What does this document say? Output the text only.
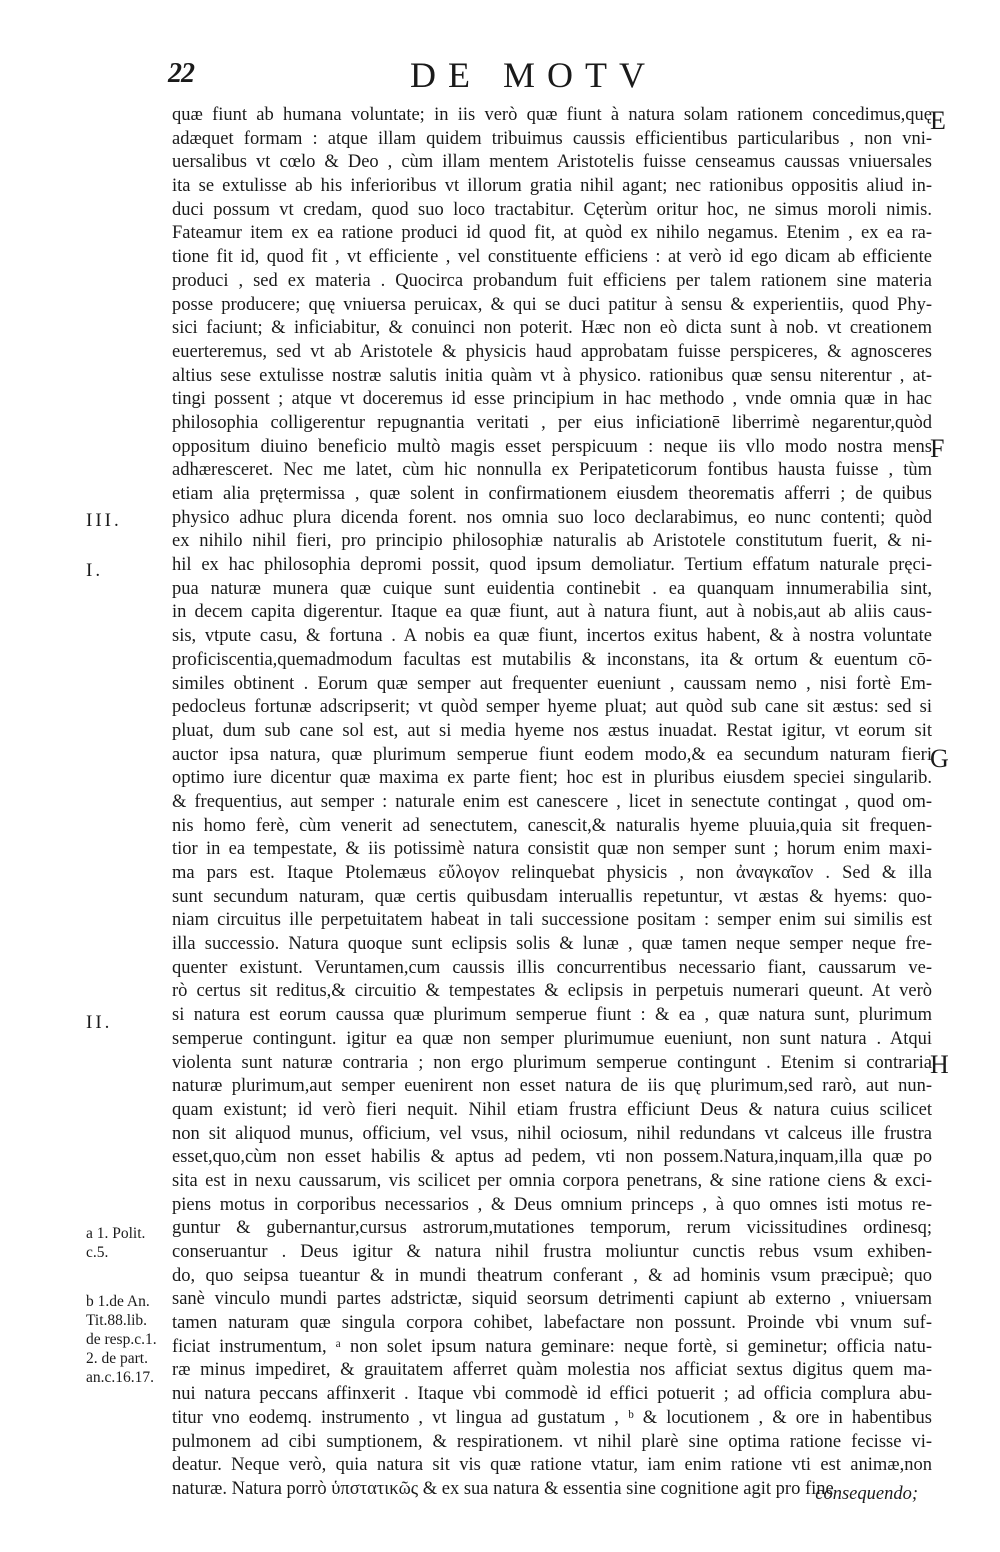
22	DE MOTV
E
F
G
H
III.
I.
II.
a 1. Polit.
c.5.
b 1.de An.
Tit.88.lib.
de resp.c.1.
2. de part.
an.c.16.17.
quæ fiunt ab humana voluntate; in iis verò quæ fiunt à natura solam rationem concedimus,quę
adæquet formam : atque illam quidem tribuimus caussis efficientibus particularibus , non vni-
uersalibus vt cœlo & Deo , cùm illam mentem Aristotelis fuisse censeamus caussas vniuersales
ita se extulisse ab his inferioribus vt illorum gratia nihil agant; nec rationibus oppositis aliud in-
duci possum vt credam, quod suo loco tractabitur. Cęterùm oritur hoc, ne simus moroli nimis.
Fateamur item ex ea ratione produci id quod fit, at quòd ex nihilo negamus. Etenim , ex ea ra-
tione fit id, quod fit , vt efficiente , vel constituente efficiens : at verò id ego dicam ab efficiente
produci , sed ex materia . Quocirca probandum fuit efficiens per talem rationem sine materia
posse producere; quę vniuersa peruicax, & qui se duci patitur à sensu & experientiis, quod Phy-
sici faciunt; & inficiabitur, & conuinci non poterit. Hæc non eò dicta sunt à nob. vt creationem
euerteremus, sed vt ab Aristotele & physicis haud approbatam fuisse perspiceres, & agnosceres
altius sese extulisse nostræ salutis initia quàm vt à physico. rationibus quæ sensu niterentur , at-
tingi possent ; atque vt doceremus id esse principium in hac methodo , vnde omnia quæ in hac
philosophia colligerentur repugnantia veritati , per eius inficiationē liberrimè negarentur,quòd
oppositum diuino beneficio multò magis esset perspicuum : neque iis vllo modo nostra mens
adhæresceret. Nec me latet, cùm hic nonnulla ex Peripateticorum fontibus hausta fuisse , tùm
etiam alia prętermissa , quæ solent in confirmationem eiusdem theorematis afferri ; de quibus
physico adhuc plura dicenda forent. nos omnia suo loco declarabimus, eo nunc contenti; quòd
ex nihilo nihil fieri, pro principio philosophiæ naturalis ab Aristotele constitutum fuerit, & ni-
hil ex hac philosophia depromi possit, quod ipsum demoliatur. Tertium effatum naturale pręci-
pua naturæ munera quæ cuique sunt euidentia continebit . ea quanquam innumerabilia sint,
in decem capita digerentur. Itaque ea quæ fiunt, aut à natura fiunt, aut à nobis,aut ab aliis caus-
sis, vtpute casu, & fortuna . A nobis ea quæ fiunt, incertos exitus habent, & à nostra voluntate
proficiscentia,quemadmodum facultas est mutabilis & inconstans, ita & ortum & euentum cō-
similes obtinent . Eorum quæ semper aut frequenter eueniunt , caussam nemo , nisi fortè Em-
pedocleus fortunæ adscripserit; vt quòd semper hyeme pluat; aut quòd sub cane sit æstus: sed si
pluat, dum sub cane sol est, aut si media hyeme nos æstus inuadat. Restat igitur, vt eorum sit
auctor ipsa natura, quæ plurimum semperue fiunt eodem modo,& ea secundum naturam fieri
optimo iure dicentur quæ maxima ex parte fient; hoc est in pluribus eiusdem speciei singularib.
& frequentius, aut semper : naturale enim est canescere , licet in senectute contingat , quod om-
nis homo ferè, cùm venerit ad senectutem, canescit,& naturalis hyeme pluuia,quia sit frequen-
tior in ea tempestate, & iis potissimè natura consistit quæ non semper sunt ; horum enim maxi-
ma pars est. Itaque Ptolemæus εὔλογον relinquebat physicis , non ἀναγκαῖον . Sed & illa
sunt secundum naturam, quæ certis quibusdam interuallis repetuntur, vt æstas & hyems: quo-
niam circuitus ille perpetuitatem habeat in tali successione positam : semper enim sui similis est
illa successio. Natura quoque sunt eclipsis solis & lunæ , quæ tamen neque semper neque fre-
quenter existunt. Veruntamen,cum caussis illis concurrentibus necessario fiant, caussarum ve-
rò certus sit reditus,& circuitio & tempestates & eclipsis in perpetuis numerari queunt. At verò
si natura est eorum caussa quæ plurimum semperue fiunt : & ea , quæ natura sunt, plurimum
semperue contingunt. igitur ea quæ non semper plurimumue eueniunt, non sunt natura . Atqui
violenta sunt naturæ contraria ; non ergo plurimum semperue contingunt . Etenim si contraria
naturæ plurimum,aut semper euenirent non esset natura de iis quę plurimum,sed rarò, aut nun-
quam existunt; id verò fieri nequit. Nihil etiam frustra efficiunt Deus & natura cuius scilicet
non sit aliquod munus, officium, vel vsus, nihil ociosum, nihil redundans vt calceus ille frustra
esset,quo,cùm non esset habilis & aptus ad pedem, vti non possem.Natura,inquam,illa quæ po
sita est in nexu caussarum, vis scilicet per omnia corpora penetrans, & sine ratione ciens & exci-
piens motus in corporibus necessarios , & Deus omnium princeps , à quo omnes isti motus re-
guntur & gubernantur,cursus astrorum,mutationes temporum, rerum vicissitudines ordinesq;
conseruantur . Deus igitur & natura nihil frustra moliuntur cunctis rebus vsum exhiben-
do, quo seipsa tueantur & in mundi theatrum conferant , & ad hominis vsum præcipuè; quo
sanè vinculo mundi partes adstrictæ, siquid seorsum detrimenti capiunt ab externo , vniuersam
tamen naturam quæ singula corpora cohibet, labefactare non possunt. Proinde vbi vnum suf-
ficiat instrumentum, ᵃ non solet ipsum natura geminare: neque fortè, si geminetur; officia natu-
ræ minus impediret, & grauitatem afferret quàm molestia nos afficiat sextus digitus quem ma-
nui natura peccans affinxerit . Itaque vbi commodè id effici potuerit ; ad officia complura abu-
titur vno eodemq. instrumento , vt lingua ad gustatum , ᵇ & locutionem , & ore in habentibus
pulmonem ad cibi sumptionem, & respirationem. vt nihil plarè sine optima ratione fecisse vi-
deatur. Neque verò, quia natura sit vis quæ ratione vtatur, iam enim ratione vti est animæ,non
naturæ. Natura porrò ὑπστατικῶς & ex sua natura & essentia sine cognitione agit pro fine
consequendo;
